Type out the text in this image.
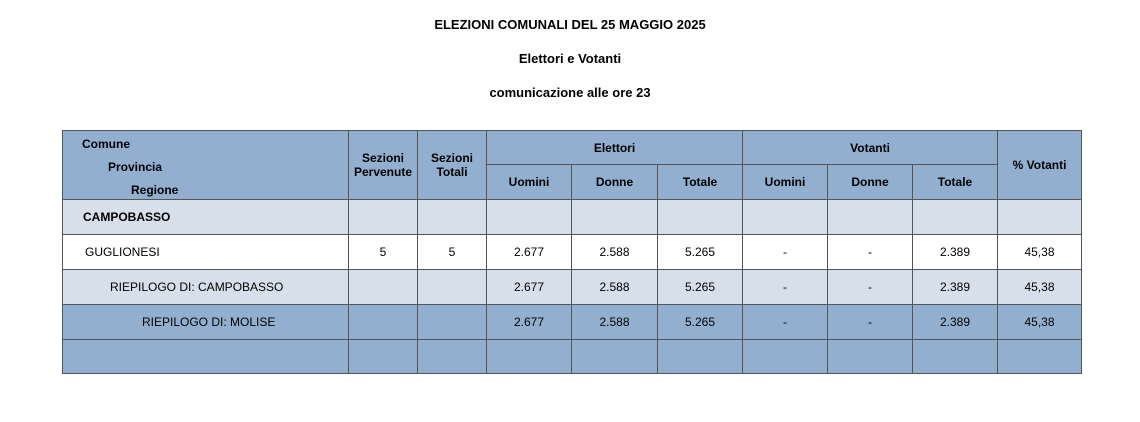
ELEZIONI COMUNALI DEL 25 MAGGIO 2025
Elettori e Votanti
comunicazione alle ore 23
Comune
Provincia
Regione	Sezioni Pervenute	Sezioni Totali	Elettori			Votanti			% Votanti
			Uomini	Donne	Totale	Uomini	Donne	Totale	
CAMPOBASSO									
GUGLIONESI	5	5	2.677	2.588	5.265	-	-	2.389	45,38
RIEPILOGO DI: CAMPOBASSO			2.677	2.588	5.265	-	-	2.389	45,38
RIEPILOGO DI: MOLISE			2.677	2.588	5.265	-	-	2.389	45,38
